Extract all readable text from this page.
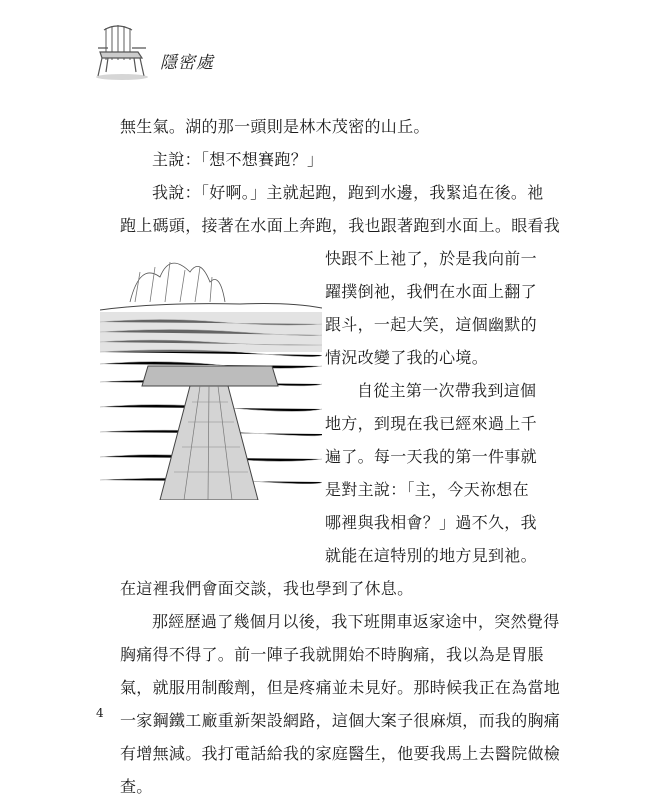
隱密處
無生氣。湖的那一頭則是林木茂密的山丘。
主說：「想不想賽跑？」
我說：「好啊。」主就起跑，跑到水邊，我緊追在後。祂
跑上碼頭，接著在水面上奔跑，我也跟著跑到水面上。眼看我
快跟不上祂了，於是我向前一
躍撲倒祂，我們在水面上翻了
跟斗，一起大笑，這個幽默的
情況改變了我的心境。
自從主第一次帶我到這個
地方，到現在我已經來過上千
遍了。每一天我的第一件事就
是對主說：「主，今天祢想在
哪裡與我相會？」過不久，我
就能在這特別的地方見到祂。
在這裡我們會面交談，我也學到了休息。
那經歷過了幾個月以後，我下班開車返家途中，突然覺得
胸痛得不得了。前一陣子我就開始不時胸痛，我以為是胃脹
氣，就服用制酸劑，但是疼痛並未見好。那時候我正在為當地
一家鋼鐵工廠重新架設網路，這個大案子很麻煩，而我的胸痛
有增無減。我打電話給我的家庭醫生，他要我馬上去醫院做檢
查。
4
